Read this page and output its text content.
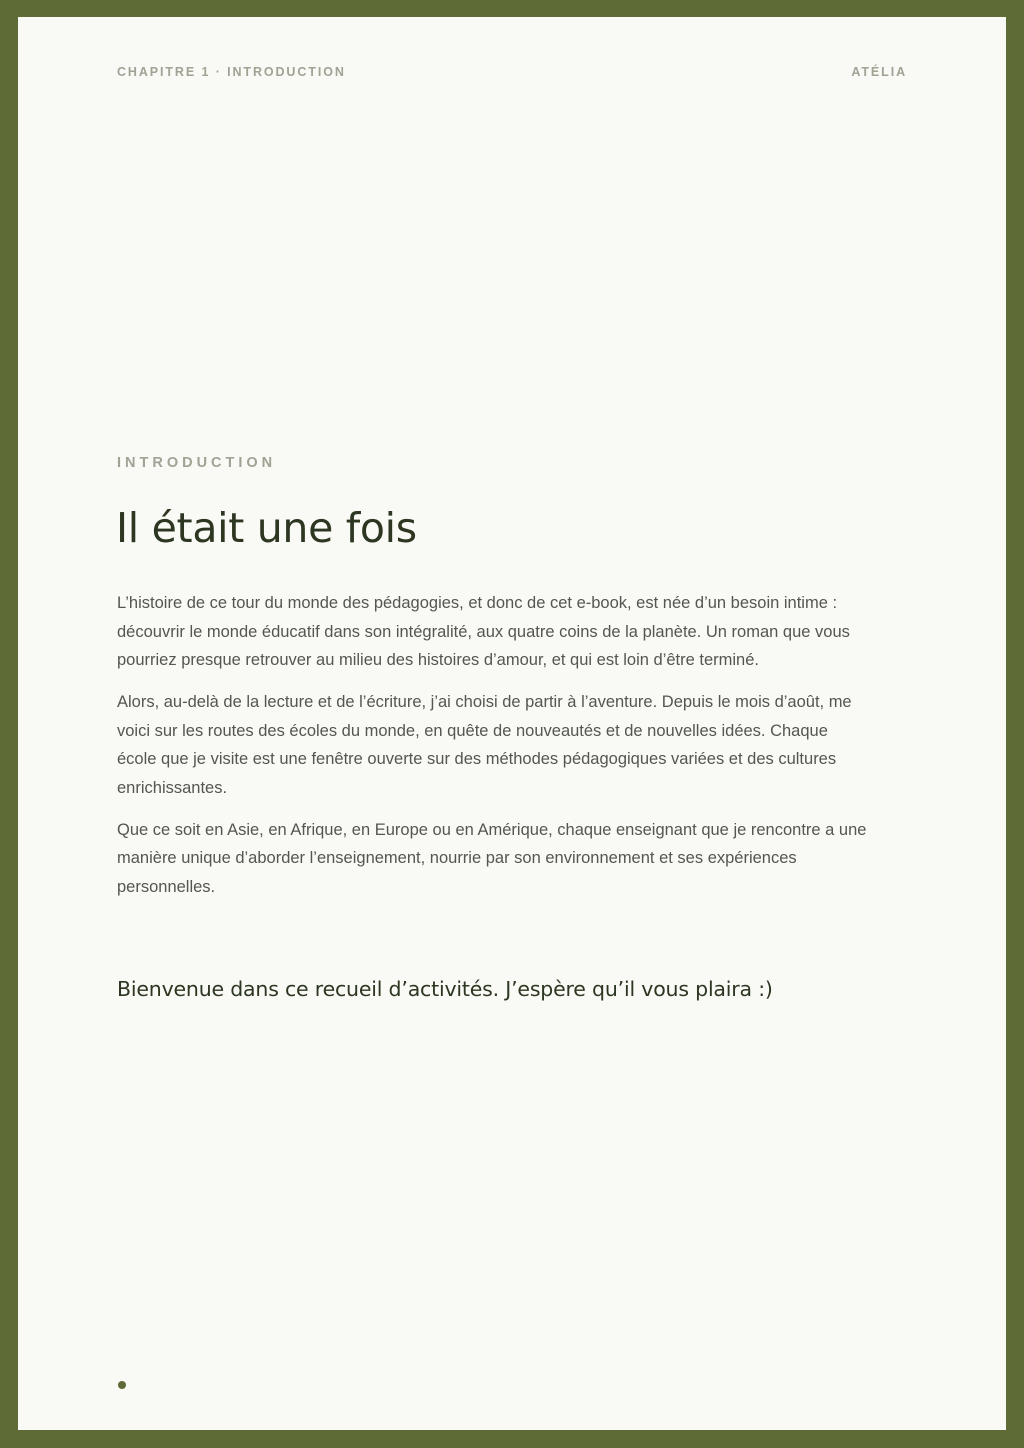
CHAPITRE 1 · INTRODUCTION	ATÉLIA
INTRODUCTION
Il était une fois

L’histoire de ce tour du monde des pédagogies, et donc de cet e-book, est née d’un besoin intime : découvrir le monde éducatif dans son intégralité, aux quatre coins de la planète. Un roman que vous pourriez presque retrouver au milieu des histoires d’amour, et qui est loin d’être terminé.

Alors, au-delà de la lecture et de l’écriture, j’ai choisi de partir à l’aventure. Depuis le mois d’août, me voici sur les routes des écoles du monde, en quête de nouveautés et de nouvelles idées. Chaque école que je visite est une fenêtre ouverte sur des méthodes pédagogiques variées et des cultures enrichissantes.

Que ce soit en Asie, en Afrique, en Europe ou en Amérique, chaque enseignant que je rencontre a une manière unique d’aborder l’enseignement, nourrie par son environnement et ses expériences personnelles.

Bienvenue dans ce recueil d’activités. J’espère qu’il vous plaira :)
